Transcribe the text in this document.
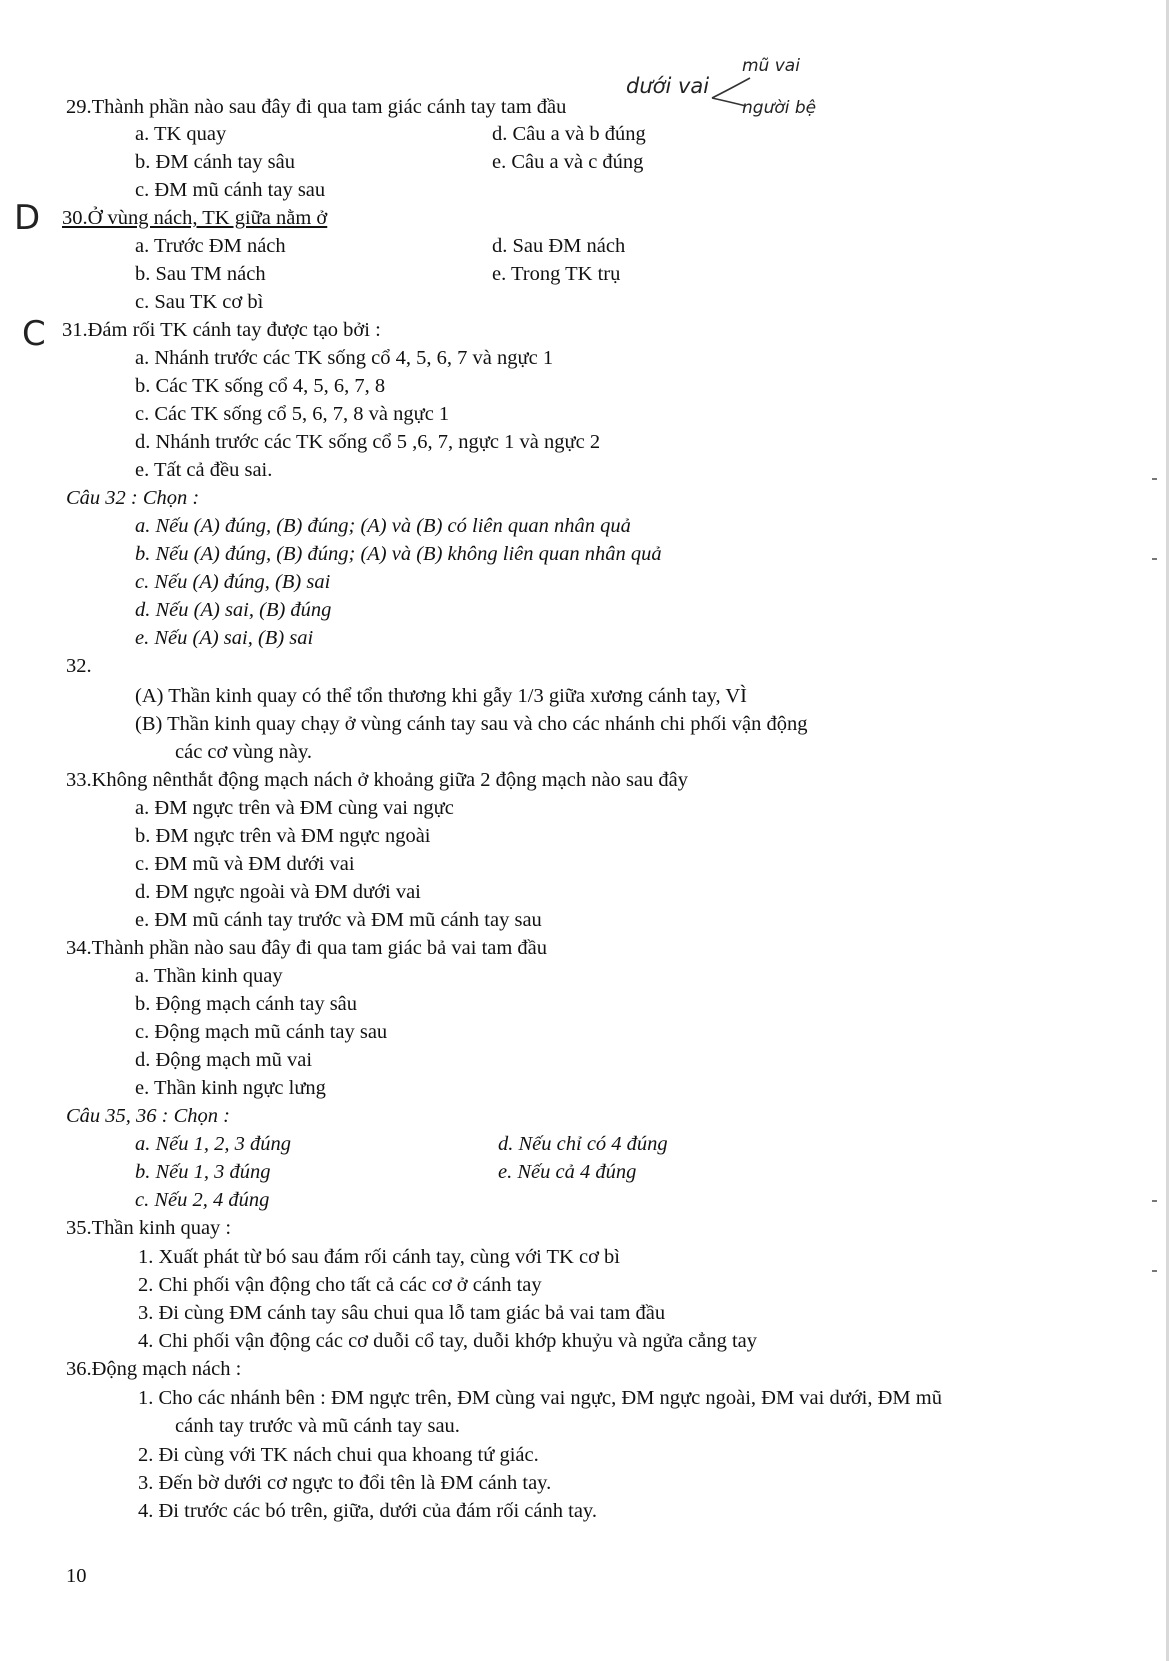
dưới vai
mũ vai
người bệ
D
C
29.Thành phần nào sau đây đi qua tam giác cánh tay tam đầu
a. TK quay
b. ĐM cánh tay sâu
c. ĐM mũ cánh tay sau
d. Câu a và b đúng
e. Câu a và c đúng
30.Ở vùng nách, TK giữa nằm ở
a. Trước ĐM nách
b. Sau TM nách
c. Sau TK cơ bì
d. Sau ĐM nách
e. Trong TK trụ
31.Đám rối TK cánh tay được tạo bởi :
a. Nhánh trước các TK sống cổ 4, 5, 6, 7 và ngực 1
b. Các TK sống cổ 4, 5, 6, 7, 8
c. Các TK sống cổ 5, 6, 7, 8 và ngực 1
d. Nhánh trước các TK sống cổ 5 ,6, 7, ngực 1 và ngực 2
e. Tất cả đều sai.
Câu 32 : Chọn :
a. Nếu (A) đúng, (B) đúng; (A) và (B) có liên quan nhân quả
b. Nếu (A) đúng, (B) đúng; (A) và (B) không liên quan nhân quả
c. Nếu (A) đúng, (B) sai
d. Nếu (A) sai, (B) đúng
e. Nếu (A) sai, (B) sai
32.
(A) Thần kinh quay có thể tổn thương khi gẫy 1/3 giữa xương cánh tay, VÌ
(B) Thần kinh quay chạy ở vùng cánh tay sau và cho các nhánh chi phối vận động
các cơ vùng này.
33.Không nênthắt động mạch nách ở khoảng giữa 2 động mạch nào sau đây
a. ĐM ngực trên và ĐM cùng vai ngực
b. ĐM ngực trên và ĐM ngực ngoài
c. ĐM mũ và ĐM dưới vai
d. ĐM ngực ngoài và ĐM dưới vai
e. ĐM mũ cánh tay trước và ĐM mũ cánh tay sau
34.Thành phần nào sau đây đi qua tam giác bả vai tam đầu
a. Thần kinh quay
b. Động mạch cánh tay sâu
c. Động mạch mũ cánh tay sau
d. Động mạch mũ vai
e. Thần kinh ngực lưng
Câu 35, 36 : Chọn :
a. Nếu 1, 2, 3 đúng
b. Nếu 1, 3 đúng
c. Nếu 2, 4 đúng
d. Nếu chỉ có 4 đúng
e. Nếu cả 4 đúng
35.Thần kinh quay :
1. Xuất phát từ bó sau đám rối cánh tay, cùng với TK cơ bì
2. Chi phối vận động cho tất cả các cơ ở cánh tay
3. Đi cùng ĐM cánh tay sâu chui qua lỗ tam giác bả vai tam đầu
4. Chi phối vận động các cơ duỗi cổ tay, duỗi khớp khuỷu và ngửa cẳng tay
36.Động mạch nách :
1. Cho các nhánh bên : ĐM ngực trên, ĐM cùng vai ngực, ĐM ngực ngoài, ĐM vai dưới, ĐM mũ
cánh tay trước và mũ cánh tay sau.
2. Đi cùng với TK nách chui qua khoang tứ giác.
3. Đến bờ dưới cơ ngực to đổi tên là ĐM cánh tay.
4. Đi trước các bó trên, giữa, dưới của đám rối cánh tay.
10
